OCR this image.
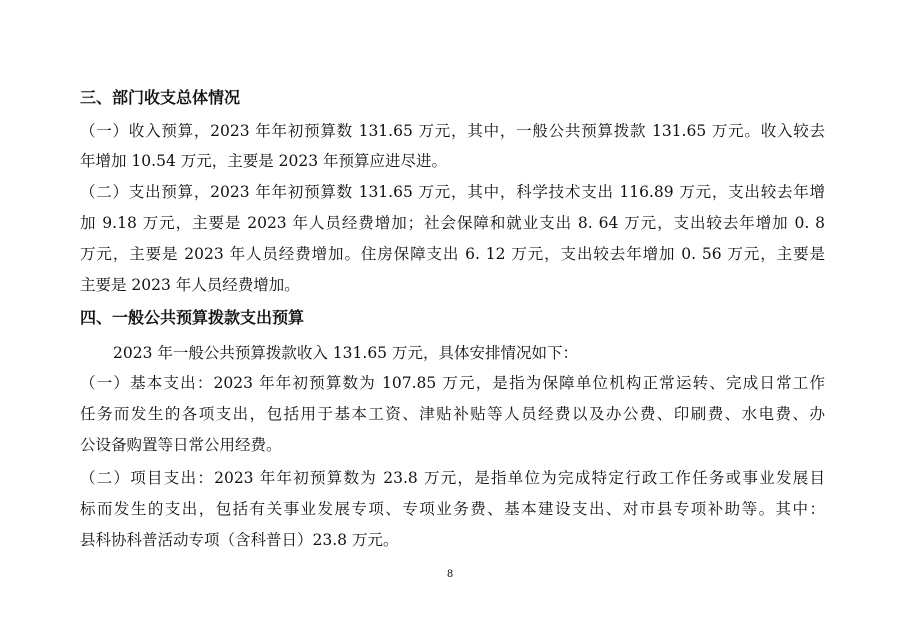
三、部门收支总体情况
（一）收入预算，2023 年年初预算数 131.65 万元，其中，一般公共预算拨款 131.65 万元。收入较去
年增加 10.54 万元，主要是 2023 年预算应进尽进。
（二）支出预算，2023 年年初预算数 131.65 万元，其中，科学技术支出 116.89 万元，支出较去年增
加 9.18 万元，主要是 2023 年人员经费增加；社会保障和就业支出 8. 64 万元，支出较去年增加 0. 8
万元，主要是 2023 年人员经费增加。住房保障支出 6. 12 万元，支出较去年增加 0. 56 万元，主要是
主要是 2023 年人员经费增加。
四、一般公共预算拨款支出预算
2023 年一般公共预算拨款收入 131.65 万元，具体安排情况如下：
（一）基本支出：2023 年年初预算数为 107.85 万元，是指为保障单位机构正常运转、完成日常工作
任务而发生的各项支出，包括用于基本工资、津贴补贴等人员经费以及办公费、印刷费、水电费、办
公设备购置等日常公用经费。
（二）项目支出：2023 年年初预算数为 23.8 万元，是指单位为完成特定行政工作任务或事业发展目
标而发生的支出，包括有关事业发展专项、专项业务费、基本建设支出、对市县专项补助等。其中：
县科协科普活动专项（含科普日）23.8 万元。
8
